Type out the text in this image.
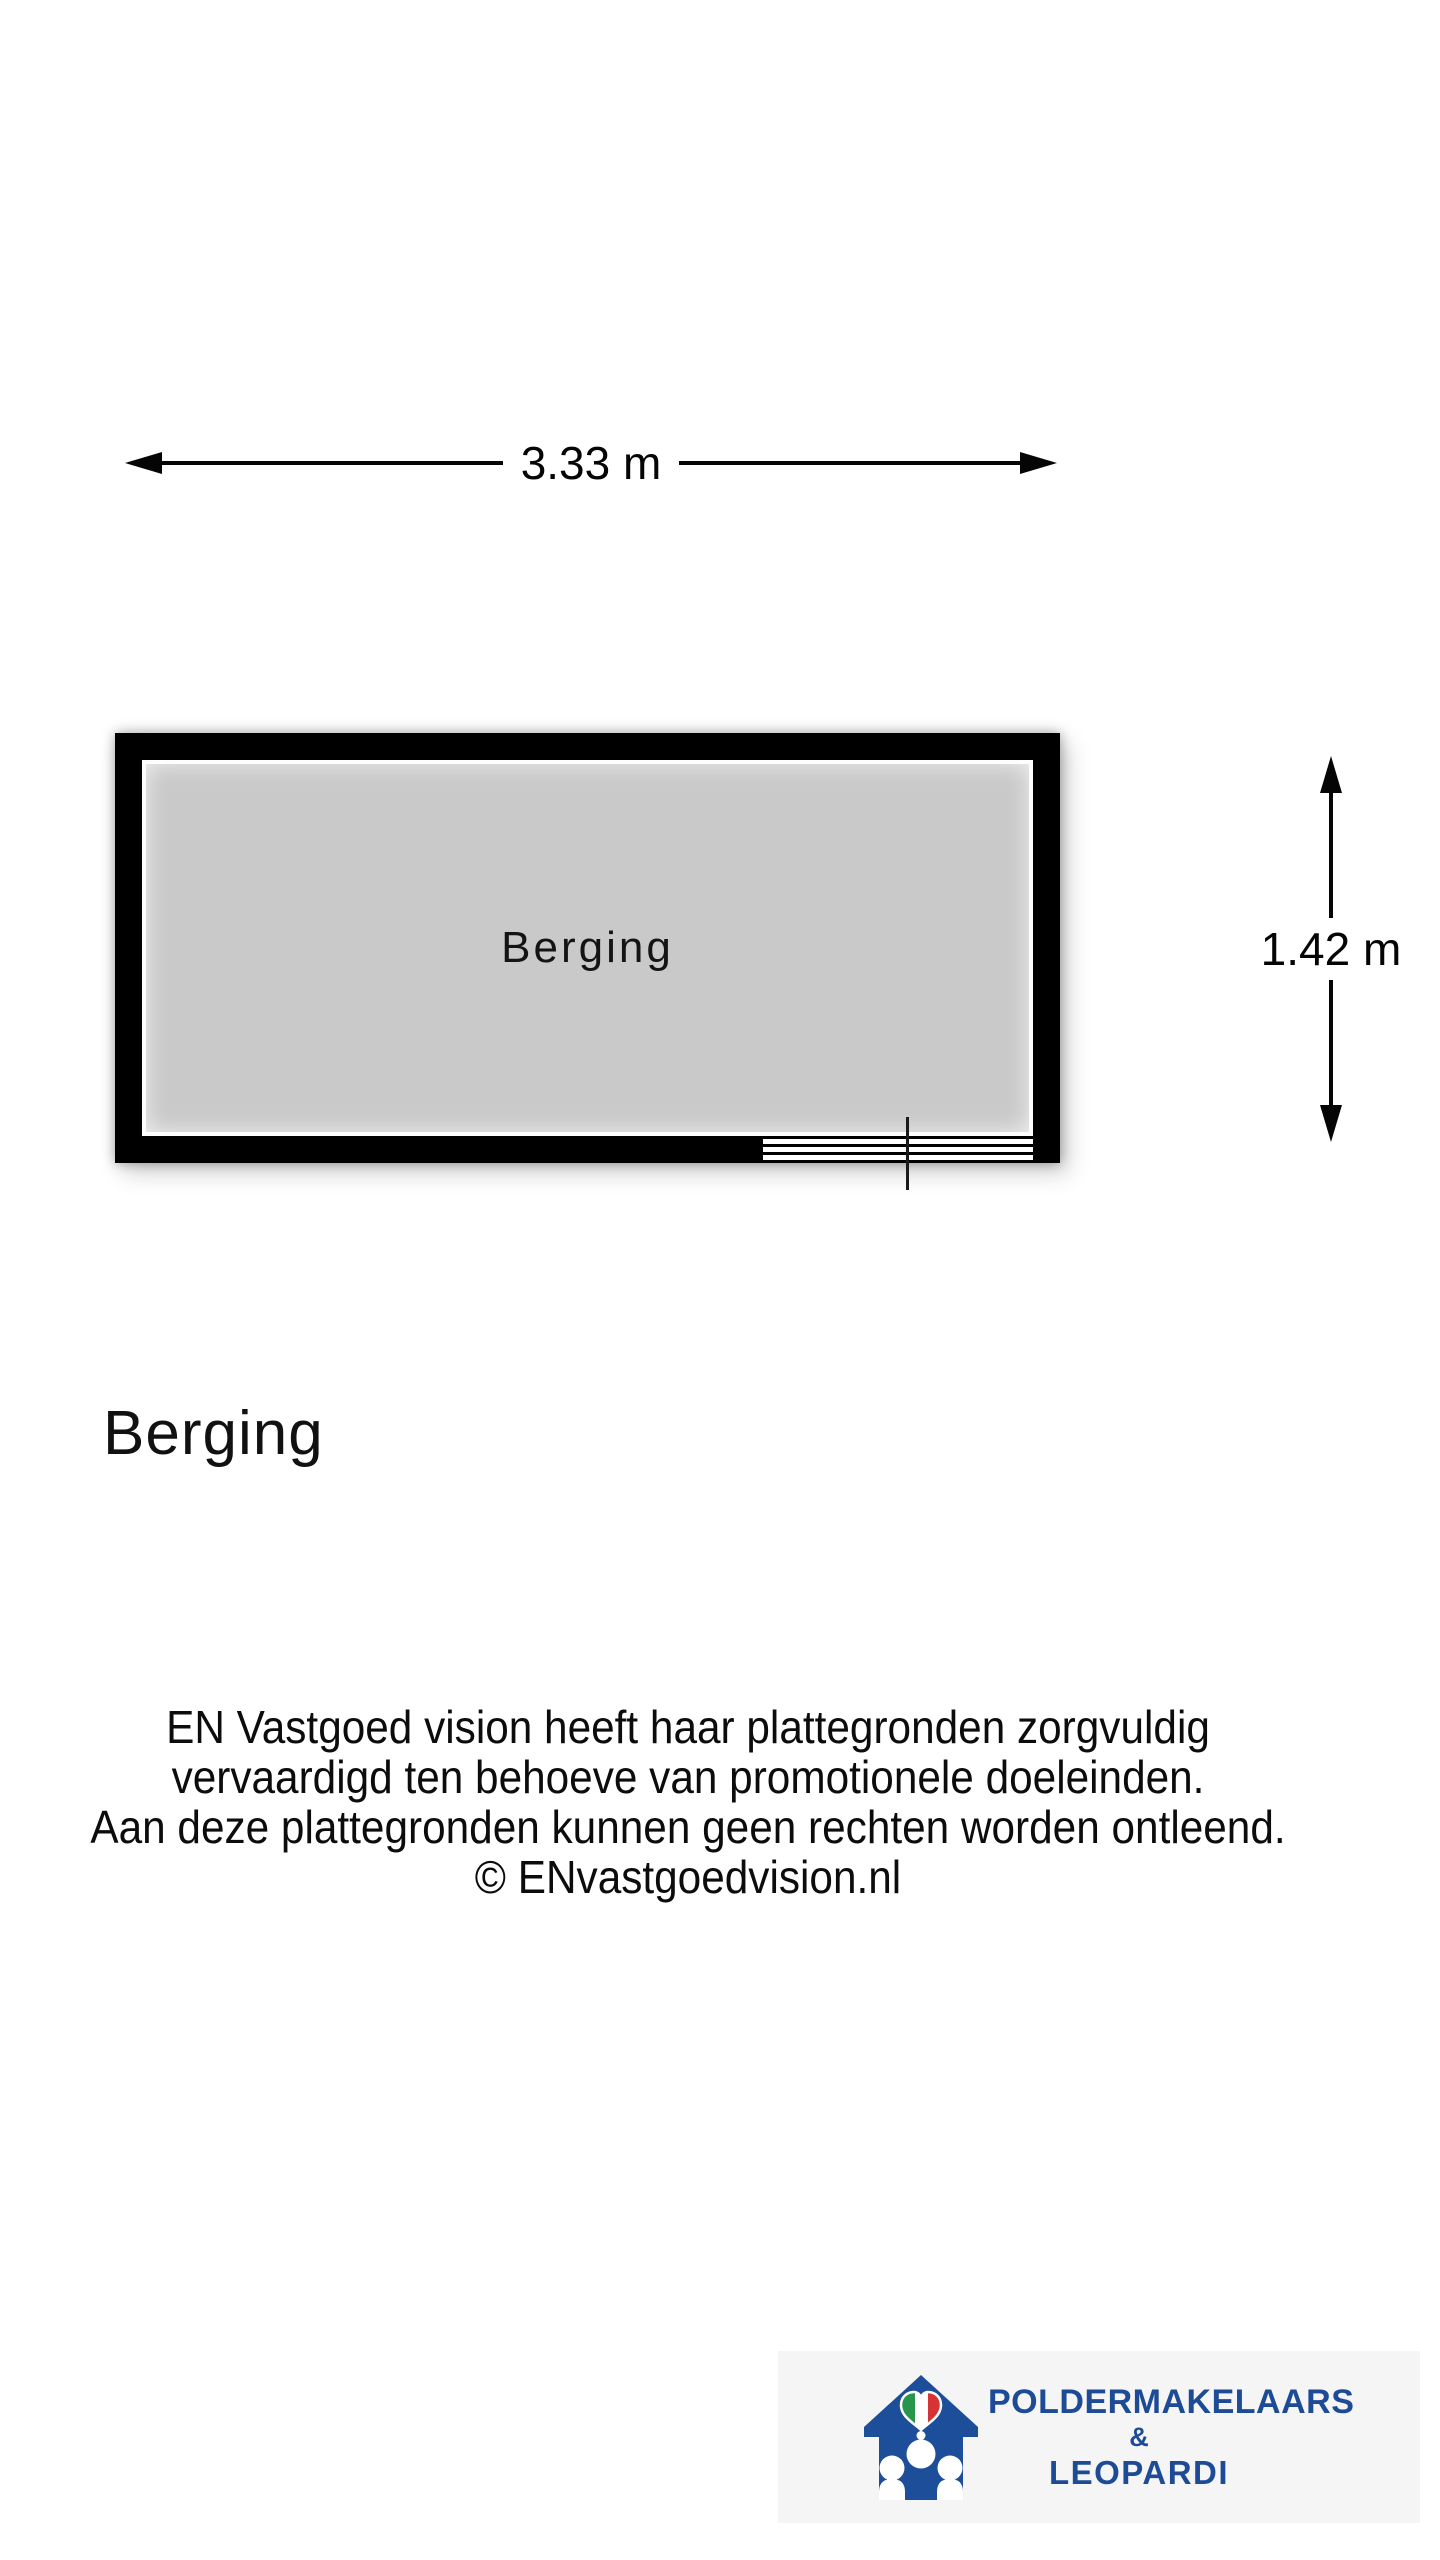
3.33 m
Berging	1.42 m
Berging
EN Vastgoed vision heeft haar plattegronden zorgvuldig
vervaardigd ten behoeve van promotionele doeleinden.
Aan deze plattegronden kunnen geen rechten worden ontleend.
© ENvastgoedvision.nl
POLDERMAKELAARS
&
LEOPARDI
